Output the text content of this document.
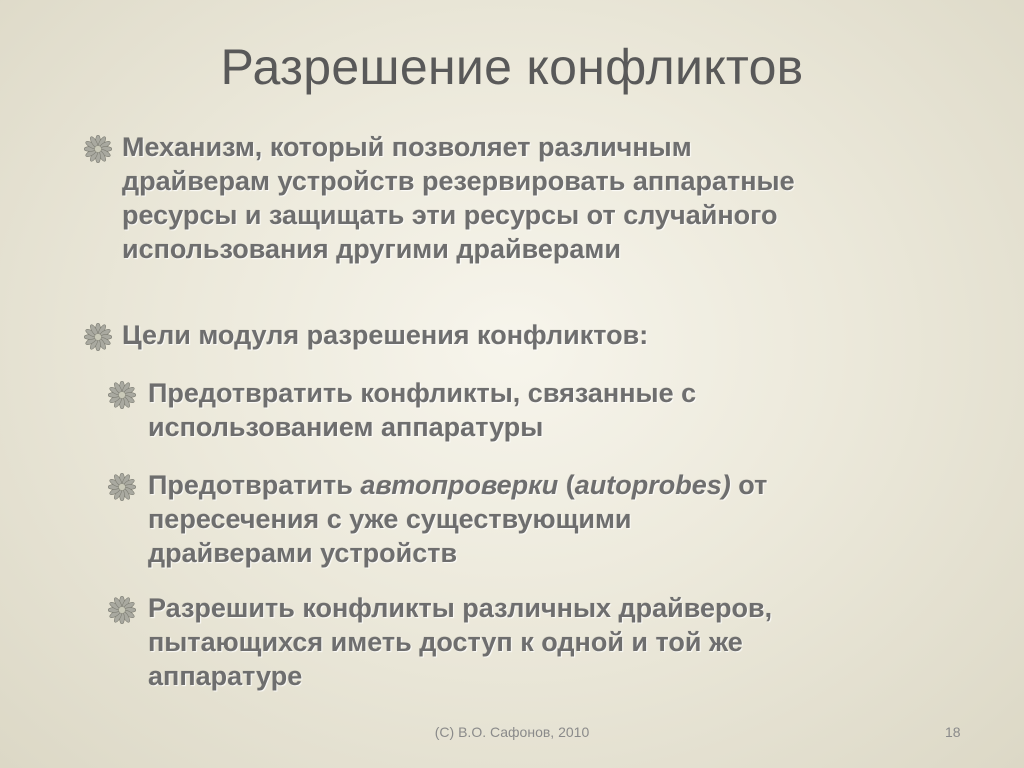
Разрешение конфликтов
Механизм, который позволяет различным
драйверам устройств резервировать аппаратные
ресурсы и защищать эти ресурсы от случайного
использования другими драйверами
Цели модуля разрешения конфликтов:
Предотвратить конфликты, связанные с
использованием аппаратуры
Предотвратить автопроверки (autoprobes) от
пересечения с уже существующими
драйверами устройств
Разрешить конфликты различных драйверов,
пытающихся иметь доступ к одной и той же
аппаратуре
(C) В.О. Сафонов, 2010	18
